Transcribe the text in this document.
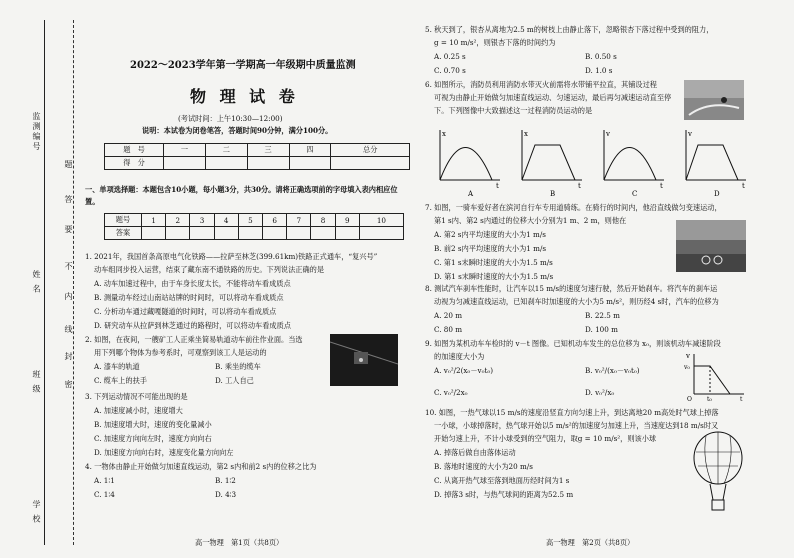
监测编号
姓 名
班 级
学 校
题
答
要
不
内
线
封
密
2022～2023学年第一学期高一年级期中质量监测
物 理 试 卷
(考试时间：上午10:30—12:00)
说明：本试卷为闭卷笔答，答题时间90分钟，满分100分。
题　号	一	二	三	四	总分
得　分					
一、单项选择题：本题包含10小题，每小题3分，共30分。请将正确选项前的字母填入表内相应位置。
题号	1	2	3	4	5	6	7	8	9	10
答案										
1. 2021年，我国首条高原电气化铁路——拉萨至林芝(399.61km)铁路正式通车，“复兴号”
动车组同步投入运营，结束了藏东南不通铁路的历史。下列说法正确的是
A. 动车加速过程中，由于车身长度太长，不能将动车看成质点
B. 测量动车经过山南站站牌的时间时，可以将动车看成质点
C. 分析动车通过藏嘎隧道的时间时，可以将动车看成质点
D. 研究动车从拉萨到林芝通过的路程时，可以将动车看成质点
2. 如图，在夜间，一艘矿工人正乘坐简易轨道动车前往作业面。当选
用下列哪个物体为参考系时，可观察到该工人是运动的
A. 漆车的轨道	B. 乘坐的缆车
C. 缆车上的扶手	D. 工人自己
3. 下列运动情况不可能出现的是
A. 加速度减小时，速度增大
B. 加速度增大时，速度的变化量减小
C. 加速度方向向左时，速度方向向右
D. 加速度方向向右时，速度变化量方向向左
4. 一物体由静止开始做匀加速直线运动，第2 s内和前2 s内的位移之比为
A. 1∶1	B. 1∶2
C. 1∶4	D. 4∶3
高一物理　第1页（共8页）
5. 秋天到了，银杏从离地为2.5 m的树枝上由静止落下，忽略银杏下落过程中受到的阻力，
g = 10 m/s²，则银杏下落的时间约为
A. 0.25 s	B. 0.50 s
C. 0.70 s	D. 1.0 s
6. 如图所示，消防员利用消防水带灭火前需将水带铺平拉直，其铺设过程
可视为由静止开始做匀加速直线运动、匀速运动，最后再匀减速运动直至停
下。下列图像中大致描述这一过程消防员运动的是
x	x	v	v
t	t	t	t
A	B	C	D
7. 如图，一骑车爱好者在滨河自行车专用道骑练。在骑行的时间内，他沿直线做匀变速运动，
第1 s内、第2 s内通过的位移大小分别为1 m、2 m，则他在
A. 第2 s内平均速度的大小为1 m/s
B. 前2 s内平均速度的大小为1 m/s
C. 第1 s末瞬时速度的大小为1.5 m/s
D. 第1 s末瞬时速度的大小为1.5 m/s
8. 测试汽车刹车性能时，让汽车以15 m/s的速度匀速行驶，然后开始刹车。将汽车的刹车运
动视为匀减速直线运动，已知刹车时加速度的大小为5 m/s²，则历经4 s时，汽车的位移为
A. 20 m	B. 22.5 m
C. 80 m	D. 100 m
9. 如图为某机动车车检时的 v－t 图像。已知机动车发生的总位移为 x₀，则该机动车减速阶段
的加速度大小为
A. v₀²/2(x₀－v₀t₀)	B. v₀²/(x₀－v₀t₀)
C. v₀²/2x₀	D. v₀²/x₀
v
v₀
O	t₀	t
10. 如图，一热气球以15 m/s的速度沿竖直方向匀速上升，到达离地20 m高处时气球上掉落
一小球，小球掉落时，热气球开始以5 m/s²的加速度匀加速上升，当速度达到18 m/s时又
开始匀速上升，不计小球受到的空气阻力，取g = 10 m/s²，则该小球
A. 掉落后做自由落体运动
B. 落地时速度的大小为20 m/s
C. 从离开热气球至落到地面历经时间为1 s
D. 掉落3 s时，与热气球间的距离为52.5 m
高一物理　第2页（共8页）
